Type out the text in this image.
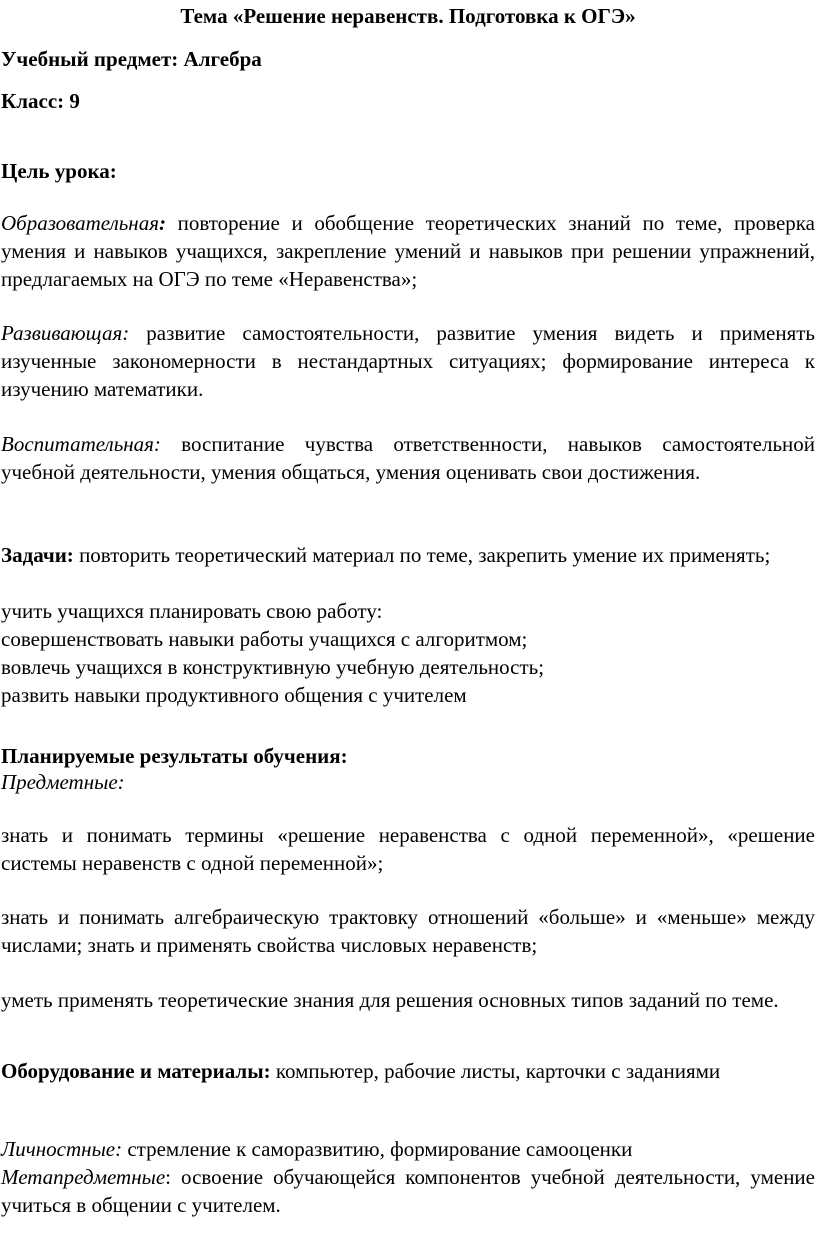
Тема «Решение неравенств. Подготовка к ОГЭ»

Учебный предмет: Алгебра

Класс: 9

Цель урока:

Образовательная: повторение и обобщение теоретических знаний по теме, проверка умения и навыков учащихся, закрепление умений и навыков при решении упражнений, предлагаемых на ОГЭ по теме «Неравенства»;

Развивающая: развитие самостоятельности, развитие умения видеть и применять изученные закономерности в нестандартных ситуациях; формирование интереса к изучению математики.

Воспитательная: воспитание чувства ответственности, навыков самостоятельной учебной деятельности, умения общаться, умения оценивать свои достижения.

Задачи: повторить теоретический материал по теме, закрепить умение их применять;

учить учащихся планировать свою работу:

совершенствовать навыки работы учащихся с алгоритмом;

вовлечь учащихся в конструктивную учебную деятельность;

развить навыки продуктивного общения с учителем

Планируемые результаты обучения:

Предметные:

знать и понимать термины «решение неравенства с одной переменной», «решение системы неравенств с одной переменной»;

знать и понимать алгебраическую трактовку отношений «больше» и «меньше» между числами; знать и применять свойства числовых неравенств;

уметь применять теоретические знания для решения основных типов заданий по теме.

Оборудование и материалы: компьютер, рабочие листы, карточки с заданиями

Личностные: стремление к саморазвитию, формирование самооценки

Метапредметные: освоение обучающейся компонентов учебной деятельности, умение учиться в общении с учителем.
